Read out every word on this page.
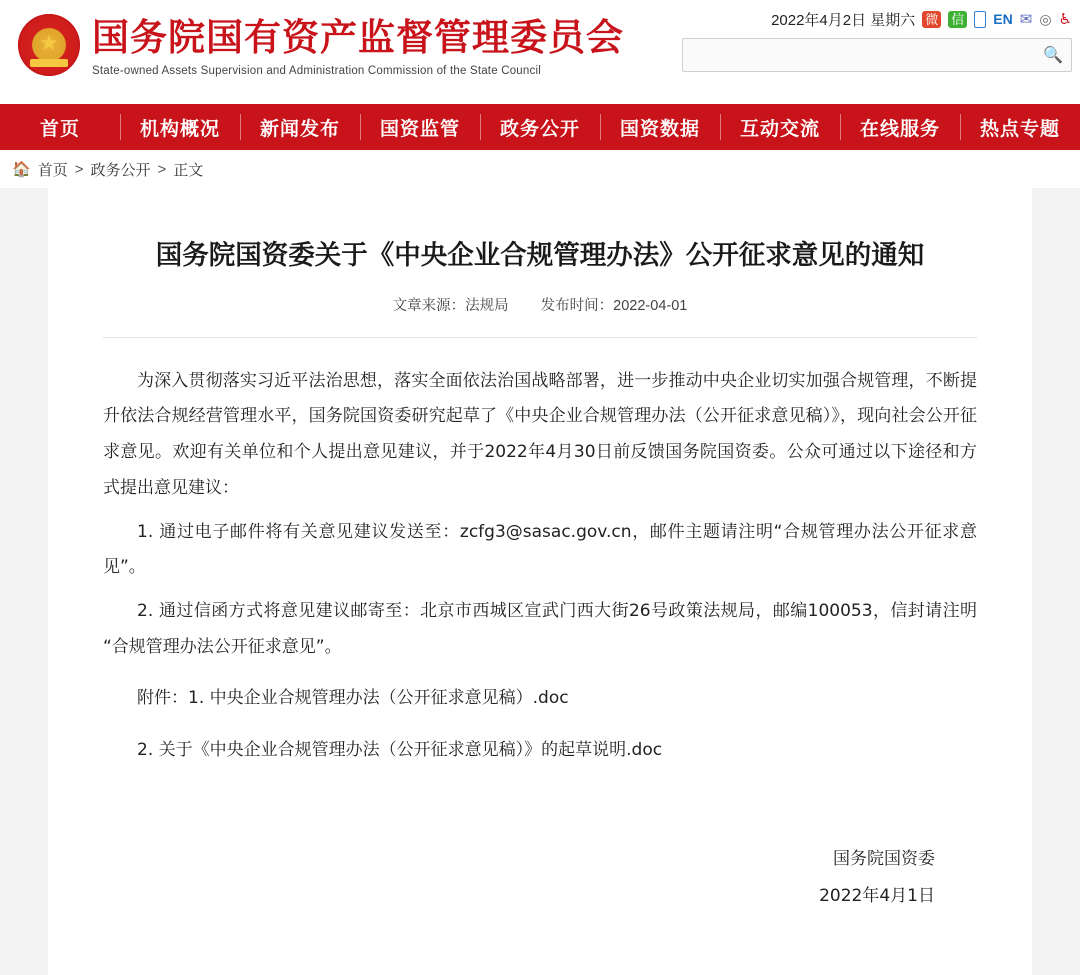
★
国务院国有资产监督管理委员会
State-owned Assets Supervision and Administration Commission of the State Council
2022年4月2日 星期六 微 信 EN ✉ ◎ ♿
🔍
首页	机构概况	新闻发布	国资监管	政务公开	国资数据	互动交流	在线服务	热点专题
🏠 首页 > 政务公开 > 正文
国务院国资委关于《中央企业合规管理办法》公开征求意见的通知
文章来源：法规局 发布时间：2022-04-01

为深入贯彻落实习近平法治思想，落实全面依法治国战略部署，进一步推动中央企业切实加强合规管理，不断提升依法合规经营管理水平，国务院国资委研究起草了《中央企业合规管理办法（公开征求意见稿）》，现向社会公开征求意见。欢迎有关单位和个人提出意见建议，并于2022年4月30日前反馈国务院国资委。公众可通过以下途径和方式提出意见建议：

1. 通过电子邮件将有关意见建议发送至：zcfg3@sasac.gov.cn，邮件主题请注明“合规管理办法公开征求意见”。

2. 通过信函方式将意见建议邮寄至：北京市西城区宣武门西大街26号政策法规局，邮编100053，信封请注明“合规管理办法公开征求意见”。

附件：1. 中央企业合规管理办法（公开征求意见稿）.doc

2. 关于《中央企业合规管理办法（公开征求意见稿）》的起草说明.doc

国务院国资委
2022年4月1日
